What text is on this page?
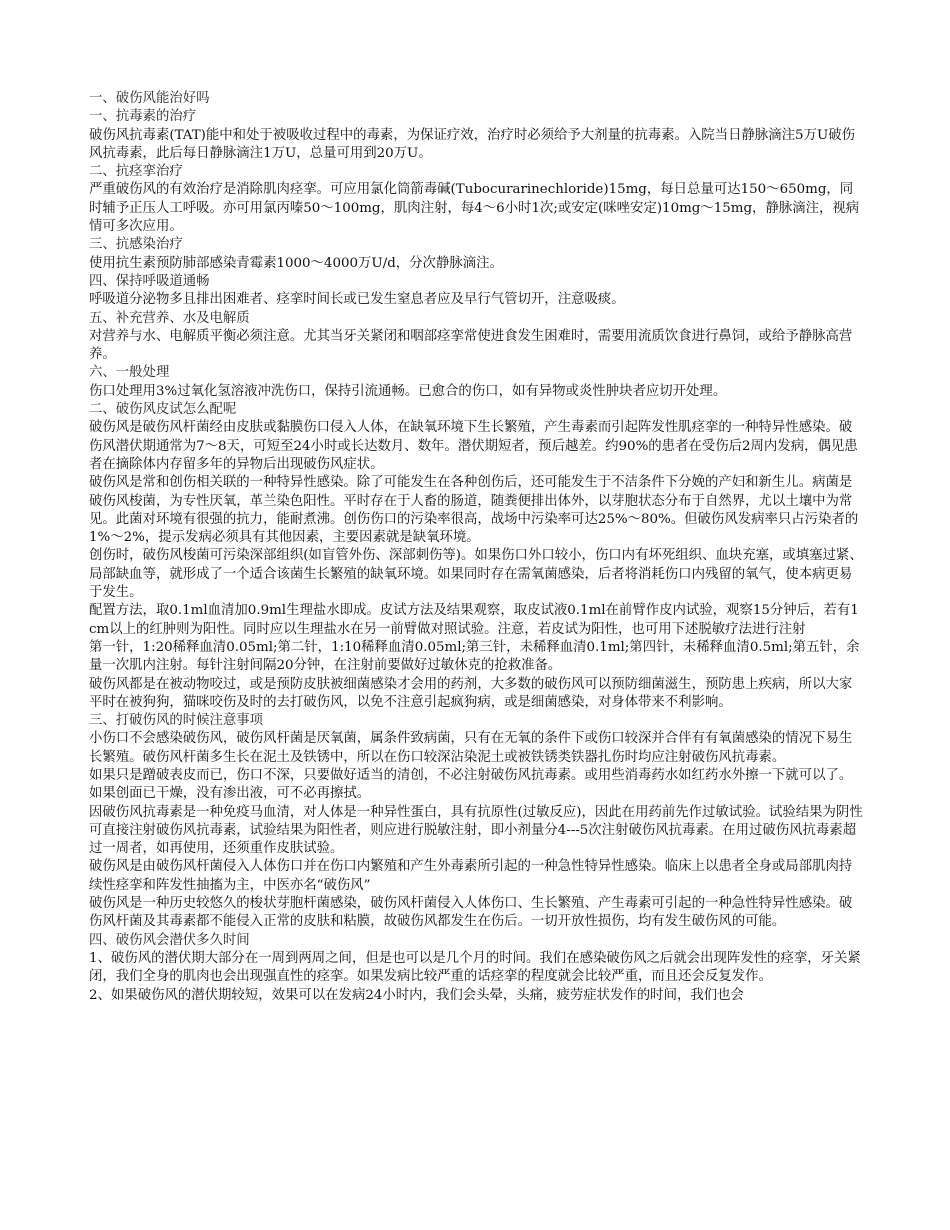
一、破伤风能治好吗

一、抗毒素的治疗

破伤风抗毒素(TAT)能中和处于被吸收过程中的毒素，为保证疗效，治疗时必须给予大剂量的抗毒素。入院当日静脉滴注5万U破伤风抗毒素，此后每日静脉滴注1万U，总量可用到20万U。

二、抗痉挛治疗

严重破伤风的有效治疗是消除肌肉痉挛。可应用氯化筒箭毒碱(Tubocurarinechloride)15mg，每日总量可达150～650mg，同时辅予正压人工呼吸。亦可用氯丙嗪50～100mg，肌肉注射，每4～6小时1次;或安定(咪唑安定)10mg～15mg，静脉滴注，视病情可多次应用。

三、抗感染治疗

使用抗生素预防肺部感染青霉素1000～4000万U/d，分次静脉滴注。

四、保持呼吸道通畅

呼吸道分泌物多且排出困难者、痉挛时间长或已发生窒息者应及早行气管切开，注意吸痰。

五、补充营养、水及电解质

对营养与水、电解质平衡必须注意。尤其当牙关紧闭和咽部痉挛常使进食发生困难时，需要用流质饮食进行鼻饲，或给予静脉高营养。

六、一般处理

伤口处理用3%过氧化氢溶液冲洗伤口，保持引流通畅。已愈合的伤口，如有异物或炎性肿块者应切开处理。

二、破伤风皮试怎么配呢

破伤风是破伤风杆菌经由皮肤或黏膜伤口侵入人体，在缺氧环境下生长繁殖，产生毒素而引起阵发性肌痉挛的一种特异性感染。破伤风潜伏期通常为7～8天，可短至24小时或长达数月、数年。潜伏期短者，预后越差。约90%的患者在受伤后2周内发病，偶见患者在摘除体内存留多年的异物后出现破伤风症状。

破伤风是常和创伤相关联的一种特异性感染。除了可能发生在各种创伤后，还可能发生于不洁条件下分娩的产妇和新生儿。病菌是破伤风梭菌，为专性厌氧，革兰染色阳性。平时存在于人畜的肠道，随粪便排出体外，以芽胞状态分布于自然界，尤以土壤中为常见。此菌对环境有很强的抗力，能耐煮沸。创伤伤口的污染率很高，战场中污染率可达25%～80%。但破伤风发病率只占污染者的1%～2%，提示发病必须具有其他因素，主要因素就是缺氧环境。

创伤时，破伤风梭菌可污染深部组织(如盲管外伤、深部刺伤等)。如果伤口外口较小，伤口内有坏死组织、血块充塞，或填塞过紧、局部缺血等，就形成了一个适合该菌生长繁殖的缺氧环境。如果同时存在需氧菌感染，后者将消耗伤口内残留的氧气，使本病更易于发生。

配置方法，取0.1ml血清加0.9ml生理盐水即成。皮试方法及结果观察，取皮试液0.1ml在前臂作皮内试验，观察15分钟后，若有1cm以上的红肿则为阳性。同时应以生理盐水在另一前臂做对照试验。注意，若皮试为阳性，也可用下述脱敏疗法进行注射

第一针，1:20稀释血清0.05ml;第二针，1:10稀释血清0.05ml;第三针，未稀释血清0.1ml;第四针，未稀释血清0.5ml;第五针，余量一次肌内注射。每针注射间隔20分钟，在注射前要做好过敏休克的抢救准备。

破伤风都是在被动物咬过，或是预防皮肤被细菌感染才会用的药剂，大多数的破伤风可以预防细菌滋生，预防患上疾病，所以大家平时在被狗狗，猫咪咬伤及时的去打破伤风，以免不注意引起疯狗病，或是细菌感染，对身体带来不利影响。

三、打破伤风的时候注意事项

小伤口不会感染破伤风，破伤风杆菌是厌氧菌，属条件致病菌，只有在无氧的条件下或伤口较深并合伴有有氧菌感染的情况下易生长繁殖。破伤风杆菌多生长在泥土及铁锈中，所以在伤口较深沾染泥土或被铁锈类铁器扎伤时均应注射破伤风抗毒素。

如果只是蹭破表皮而已，伤口不深，只要做好适当的清创，不必注射破伤风抗毒素。或用些消毒药水如红药水外擦一下就可以了。如果创面已干燥，没有渗出液，可不必再擦拭。

因破伤风抗毒素是一种免疫马血清，对人体是一种异性蛋白，具有抗原性(过敏反应)，因此在用药前先作过敏试验。试验结果为阴性可直接注射破伤风抗毒素，试验结果为阳性者，则应进行脱敏注射，即小剂量分4---5次注射破伤风抗毒素。在用过破伤风抗毒素超过一周者，如再使用，还须重作皮肤试验。

破伤风是由破伤风杆菌侵入人体伤口并在伤口内繁殖和产生外毒素所引起的一种急性特异性感染。临床上以患者全身或局部肌肉持续性痉挛和阵发性抽搐为主，中医亦名“破伤风”

破伤风是一种历史较悠久的梭状芽胞杆菌感染，破伤风杆菌侵入人体伤口、生长繁殖、产生毒素可引起的一种急性特异性感染。破伤风杆菌及其毒素都不能侵入正常的皮肤和粘膜，故破伤风都发生在伤后。一切开放性损伤，均有发生破伤风的可能。

四、破伤风会潜伏多久时间

1、破伤风的潜伏期大部分在一周到两周之间，但是也可以是几个月的时间。我们在感染破伤风之后就会出现阵发性的痉挛，牙关紧闭，我们全身的肌肉也会出现强直性的痉挛。如果发病比较严重的话痉挛的程度就会比较严重，而且还会反复发作。

2、如果破伤风的潜伏期较短，效果可以在发病24小时内，我们会头晕，头痛，疲劳症状发作的时间，我们也会
